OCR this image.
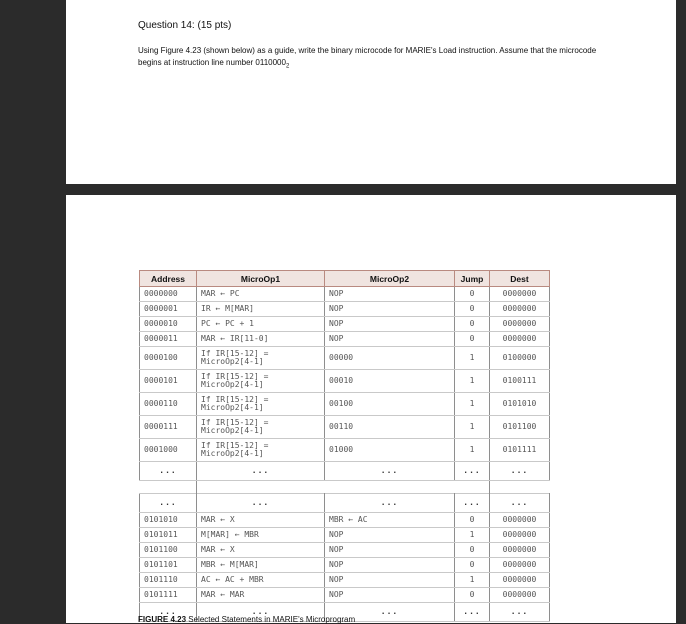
Question 14: (15 pts)
Using Figure 4.23 (shown below) as a guide, write the binary microcode for MARIE's Load instruction. Assume that the microcode begins at instruction line number $0110000_2$
Address	MicroOp1	MicroOp2	Jump	Dest
0000000	MAR ← PC	NOP	0	0000000
0000001	IR ← M[MAR]	NOP	0	0000000
0000010	PC ← PC + 1	NOP	0	0000000
0000011	MAR ← IR[11-0]	NOP	0	0000000
0000100	If IR[15-12] =
MicroOp2[4-1]	00000	1	0100000
0000101	If IR[15-12] =
MicroOp2[4-1]	00010	1	0100111
0000110	If IR[15-12] =
MicroOp2[4-1]	00100	1	0101010
0000111	If IR[15-12] =
MicroOp2[4-1]	00110	1	0101100
0001000	If IR[15-12] =
MicroOp2[4-1]	01000	1	0101111
...	...	...	...	...

...	...	...	...	...
0101010	MAR ← X	MBR ← AC	0	0000000
0101011	M[MAR] ← MBR	NOP	1	0000000
0101100	MAR ← X	NOP	0	0000000
0101101	MBR ← M[MAR]	NOP	0	0000000
0101110	AC ← AC + MBR	NOP	1	0000000
0101111	MAR ← MAR	NOP	0	0000000
...	...	...	...	...
FIGURE 4.23 Selected Statements in MARIE's Microprogram
